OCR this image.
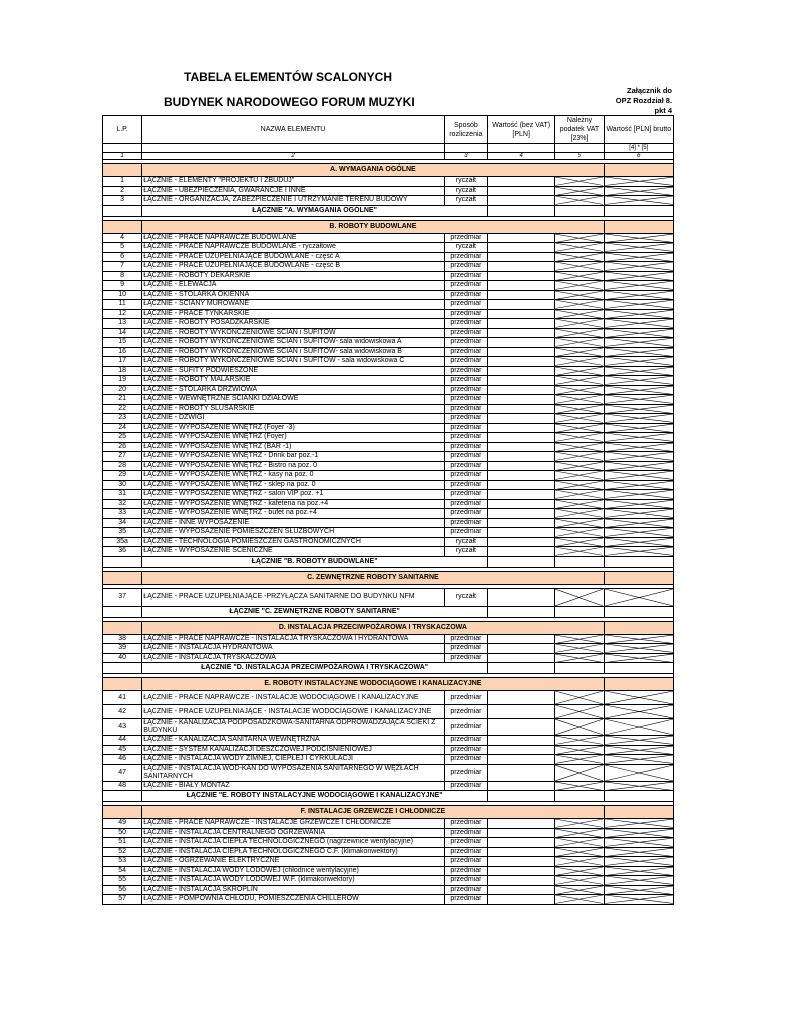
TABELA ELEMENTÓW SCALONYCH
BUDYNEK NARODOWEGO FORUM MUZYKI
Załącznik do
OPZ Rozdział 8.
pkt 4
L.P.	NAZWA ELEMENTU	Sposób rozliczenia	Wartość (bez VAT) [PLN]	Należny podatek VAT [23%]	Wartość [PLN] brutto
					[4] * [5]
1	2	3	4	5	6

	A. WYMAGANIA OGÓLNE				
1	ŁĄCZNIE - ELEMENTY "PROJEKTU I ZBUDUJ"	ryczałt		

2	ŁĄCZNIE - UBEZPIECZENIA, GWARANCJE I INNE	ryczałt		

3	ŁĄCZNIE - ORGANIZACJA, ZABEZPIECZENIE I UTRZYMANIE TERENU BUDOWY	ryczałt		

	ŁĄCZNIE "A. WYMAGANIA OGÓLNE"				

	B. ROBOTY BUDOWLANE				
4	ŁĄCZNIE - PRACE NAPRAWCZE BUDOWLANE	przedmiar		

5	ŁĄCZNIE - PRACE NAPRAWCZE BUDOWLANE - ryczałtowe	ryczałt		

6	ŁĄCZNIE - PRACE UZUPEŁNIAJĄCE BUDOWLANE - część A	przedmiar		

7	ŁĄCZNIE - PRACE UZUPEŁNIAJĄCE BUDOWLANE - część B	przedmiar		

8	ŁĄCZNIE - ROBOTY DEKARSKIE	przedmiar		

9	ŁĄCZNIE - ELEWACJA	przedmiar		

10	ŁĄCZNIE - STOLARKA OKIENNA	przedmiar		

11	ŁĄCZNIE - ŚCIANY MUROWANE	przedmiar		

12	ŁĄCZNIE - PRACE TYNKARSKIE	przedmiar		

13	ŁĄCZNIE - ROBOTY POSADZKARSKIE	przedmiar		

14	ŁĄCZNIE - ROBOTY WYKOŃCZENIOWE ŚCIAN i SUFITÓW	przedmiar		

15	ŁĄCZNIE - ROBOTY WYKOŃCZENIOWE ŚCIAN i SUFITÓW- sala widowiskowa A	przedmiar		

16	ŁĄCZNIE - ROBOTY WYKOŃCZENIOWE ŚCIAN i SUFITÓW- sala widowiskowa B	przedmiar		

17	ŁĄCZNIE - ROBOTY WYKOŃCZENIOWE ŚCIAN i SUFITÓW - sala widowiskowa C	przedmiar		

18	ŁĄCZNIE - SUFITY PODWIESZONE	przedmiar		

19	ŁĄCZNIE - ROBOTY MALARSKIE	przedmiar		

20	ŁĄCZNIE - STOLARKA DRZWIOWA	przedmiar		

21	ŁĄCZNIE - WEWNĘTRZNE ŚCIANKI DZIAŁOWE	przedmiar		

22	ŁĄCZNIE - ROBOTY ŚLUSARSKIE	przedmiar		

23	ŁĄCZNIE - DŹWIGI	przedmiar		

24	ŁĄCZNIE - WYPOSAŻENIE WNĘTRZ (Foyer -3)	przedmiar		

25	ŁĄCZNIE - WYPOSAŻENIE WNĘTRZ (Foyer)	przedmiar		

26	ŁĄCZNIE - WYPOSAŻENIE WNĘTRZ (BAR -1)	przedmiar		

27	ŁĄCZNIE - WYPOSAŻENIE WNĘTRZ - Drink bar poz.-1	przedmiar		

28	ŁĄCZNIE - WYPOSAŻENIE WNĘTRZ - Bistro na poz. 0	przedmiar		

29	ŁĄCZNIE - WYPOSAŻENIE WNĘTRZ - kasy na poz. 0	przedmiar		

30	ŁĄCZNIE - WYPOSAŻENIE WNĘTRZ - sklep na poz. 0	przedmiar		

31	ŁĄCZNIE - WYPOSAŻENIE WNĘTRZ - salon VIP poz. +1	przedmiar		

32	ŁĄCZNIE - WYPOSAŻENIE WNĘTRZ - kafeteria na poz.+4	przedmiar		

33	ŁĄCZNIE - WYPOSAŻENIE WNĘTRZ - bufet na poz.+4	przedmiar		

34	ŁĄCZNIE - INNE WYPOSAŻENIE	przedmiar		

35	ŁĄCZNIE - WYPOSAŻENIE POMIESZCZEŃ SŁUŻBOWYCH	przedmiar		

35a	ŁĄCZNIE - TECHNOLOGIA POMIESZCZEŃ GASTRONOMICZNYCH	ryczałt		

36	ŁĄCZNIE - WYPOSAŻENIE SCENICZNE	ryczałt		

	ŁĄCZNIE "B. ROBOTY BUDOWLANE"				

	C. ZEWNĘTRZNE ROBOTY SANITARNE				

37	ŁĄCZNIE - PRACE UZUPEŁNIAJĄCE -PRZYŁĄCZA SANITARNE DO BUDYNKU NFM	ryczałt		

	ŁĄCZNIE "C. ZEWNĘTRZNE ROBOTY SANITARNE"				

	D. INSTALACJA PRZECIWPOŻAROWA I TRYSKACZOWA				
38	ŁĄCZNIE - PRACE NAPRAWCZE - INSTALACJA TRYSKACZOWA I HYDRANTOWA	przedmiar		

39	ŁĄCZNIE - INSTALACJA HYDRANTOWA	przedmiar		

40	ŁĄCZNIE - INSTALACJA TRYSKACZOWA	przedmiar		

	ŁĄCZNIE "D. INSTALACJA PRZECIWPOŻAROWA I TRYSKACZOWA"				

	E. ROBOTY INSTALACYJNE WODOCIĄGOWE I KANALIZACYJNE				
41	ŁĄCZNIE - PRACE NAPRAWCZE - INSTALACJE WODOCIĄGOWE I KANALIZACYJNE	przedmiar		

42	ŁĄCZNIE - PRACE UZUPEŁNIAJĄCE - INSTALACJE WODOCIĄGOWE I KANALIZACYJNE	przedmiar		

43	ŁĄCZNIE - KANALIZACJA PODPOSADZKOWA-SANITARNA ODPROWADZAJĄCA ŚCIEKI Z BUDYNKU	przedmiar		

44	ŁĄCZNIE - KANALIZACJA SANITARNA WEWNĘTRZNA	przedmiar		

45	ŁĄCZNIE - SYSTEM KANALIZACJI DESZCZOWEJ PODCIŚNIENIOWEJ	przedmiar		

46	ŁĄCZNIE - INSTALACJA WODY ZIMNEJ, CIEPŁEJ I CYRKULACJI	przedmiar		

47	ŁĄCZNIE - INSTALACJA WOD-KAN DO WYPOSAŻENIA SANITARNEGO W WĘZŁACH SANITARNYCH	przedmiar		

48	ŁĄCZNIE - BIAŁY MONTAŻ	przedmiar		

	ŁĄCZNIE "E. ROBOTY INSTALACYJNE WODOCIĄGOWE I KANALIZACYJNE"				

	F. INSTALACJE GRZEWCZE I CHŁODNICZE				
49	ŁĄCZNIE - PRACE NAPRAWCZE - INSTALACJE GRZEWCZE I CHŁODNICZE	przedmiar		

50	ŁĄCZNIE - INSTALACJA CENTRALNEGO OGRZEWANIA	przedmiar		

51	ŁĄCZNIE - INSTALACJA CIEPŁA TECHNOLOGICZNEGO (nagrzewnice wentylacyjne)	przedmiar		

52	ŁĄCZNIE - INSTALACJA CIEPŁA TECHNOLOGICZNEGO C.F. (klimakonwektory)	przedmiar		

53	ŁĄCZNIE - OGRZEWANIE ELEKTRYCZNE	przedmiar		

54	ŁĄCZNIE - INSTALACJA WODY LODOWEJ (chłodnice wentylacyjne)	przedmiar		

55	ŁĄCZNIE - INSTALACJA WODY LODOWEJ W.F. (klimakonwektory)	przedmiar		

56	ŁĄCZNIE - INSTALACJA SKROPLIN	przedmiar		

57	ŁĄCZNIE - POMPOWNIA CHŁODU, POMIESZCZENIA CHILLERÓW	przedmiar		
